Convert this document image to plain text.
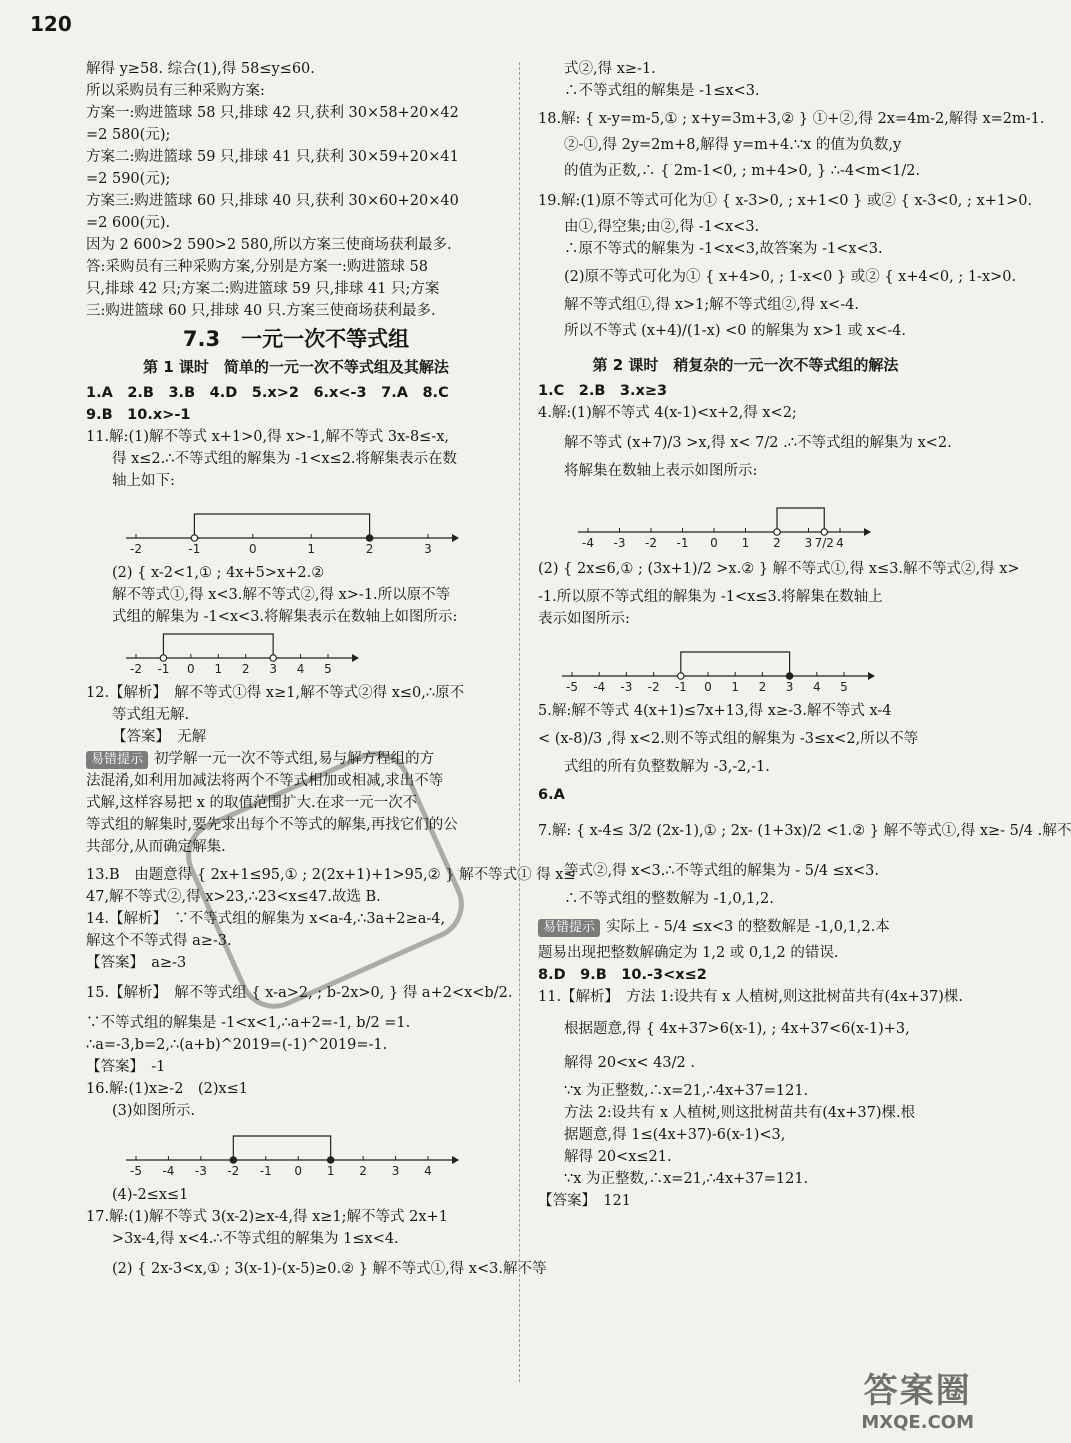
120
解得 y≥58. 综合(1),得 58≤y≤60.
所以采购员有三种采购方案:
方案一:购进篮球 58 只,排球 42 只,获利 30×58+20×42
=2 580(元);
方案二:购进篮球 59 只,排球 41 只,获利 30×59+20×41
=2 590(元);
方案三:购进篮球 60 只,排球 40 只,获利 30×60+20×40
=2 600(元).
因为 2 600>2 590>2 580,所以方案三使商场获利最多.
答:采购员有三种采购方案,分别是方案一:购进篮球 58
只,排球 42 只;方案二:购进篮球 59 只,排球 41 只;方案
三:购进篮球 60 只,排球 40 只.方案三使商场获利最多.
7.3　一元一次不等式组
第 1 课时　简单的一元一次不等式组及其解法
1.A　2.B　3.B　4.D　5.x>2　6.x<-3　7.A　8.C
9.B　10.x>-1
11.解:(1)解不等式 x+1>0,得 x>-1,解不等式 3x-8≤-x,
得 x≤2.∴不等式组的解集为 -1<x≤2.将解集表示在数
轴上如下:
-2	-1	0	1	2	3
(2) { x-2<1,① ; 4x+5>x+2.②
解不等式①,得 x<3.解不等式②,得 x>-1.所以原不等
式组的解集为 -1<x<3.将解集表示在数轴上如图所示:
-2 -1 0 1 2 3 4 5
12.【解析】　解不等式①得 x≥1,解不等式②得 x≤0,∴原不
等式组无解.
【答案】　无解
易错提示 初学解一元一次不等式组,易与解方程组的方
法混淆,如利用加减法将两个不等式相加或相减,求出不等
式解,这样容易把 x 的取值范围扩大.在求一元一次不
等式组的解集时,要先求出每个不等式的解集,再找它们的公
共部分,从而确定解集.
13.B　由题意得 { 2x+1≤95,① ; 2(2x+1)+1>95,② } 解不等式① 得 x≤
47,解不等式②,得 x>23,∴23<x≤47.故选 B.
14.【解析】　∵不等式组的解集为 x<a-4,∴3a+2≥a-4,
解这个不等式得 a≥-3.
【答案】　a≥-3
15.【解析】　解不等式组 { x-a>2, ; b-2x>0, } 得 a+2<x<b/2.
∵不等式组的解集是 -1<x<1,∴a+2=-1, b/2 =1.
∴a=-3,b=2,∴(a+b)^2019=(-1)^2019=-1.
【答案】　-1
16.解:(1)x≥-2　(2)x≤1
(3)如图所示.
-5 -4 -3 -2 -1 0 1 2 3 4
(4)-2≤x≤1
17.解:(1)解不等式 3(x-2)≥x-4,得 x≥1;解不等式 2x+1
>3x-4,得 x<4.∴不等式组的解集为 1≤x<4.
(2) { 2x-3<x,① ; 3(x-1)-(x-5)≥0.② } 解不等式①,得 x<3.解不等
式②,得 x≥-1.
∴不等式组的解集是 -1≤x<3.
18.解: { x-y=m-5,① ; x+y=3m+3,② } ①+②,得 2x=4m-2,解得 x=2m-1.
②-①,得 2y=2m+8,解得 y=m+4.∵x 的值为负数,y
的值为正数,∴ { 2m-1<0, ; m+4>0, } ∴-4<m<1/2.
19.解:(1)原不等式可化为① { x-3>0, ; x+1<0 } 或② { x-3<0, ; x+1>0.
由①,得空集;由②,得 -1<x<3.
∴原不等式的解集为 -1<x<3,故答案为 -1<x<3.
(2)原不等式可化为① { x+4>0, ; 1-x<0 } 或② { x+4<0, ; 1-x>0.
解不等式组①,得 x>1;解不等式组②,得 x<-4.
所以不等式 (x+4)/(1-x) <0 的解集为 x>1 或 x<-4.
第 2 课时　稍复杂的一元一次不等式组的解法
1.C　2.B　3.x≥3
4.解:(1)解不等式 4(x-1)<x+2,得 x<2;
解不等式 (x+7)/3 >x,得 x< 7/2 .∴不等式组的解集为 x<2.
将解集在数轴上表示如图所示:
-4 -3 -2 -1 0 1 2 3 7/2 4
(2) { 2x≤6,① ; (3x+1)/2 >x.② } 解不等式①,得 x≤3.解不等式②,得 x>
-1.所以原不等式组的解集为 -1<x≤3.将解集在数轴上
表示如图所示:
-5 -4 -3 -2 -1 0 1 2 3 4 5
5.解:解不等式 4(x+1)≤7x+13,得 x≥-3.解不等式 x-4
< (x-8)/3 ,得 x<2.则不等式组的解集为 -3≤x<2,所以不等
式组的所有负整数解为 -3,-2,-1.
6.A
7.解: { x-4≤ 3/2 (2x-1),① ; 2x- (1+3x)/2 <1.② } 解不等式①,得 x≥- 5/4 .解不
等式②,得 x<3.∴不等式组的解集为 - 5/4 ≤x<3.
∴不等式组的整数解为 -1,0,1,2.
易错提示 实际上 - 5/4 ≤x<3 的整数解是 -1,0,1,2.本
题易出现把整数解确定为 1,2 或 0,1,2 的错误.
8.D　9.B　10.-3<x≤2
11.【解析】　方法 1:设共有 x 人植树,则这批树苗共有(4x+37)棵.
根据题意,得 { 4x+37>6(x-1), ; 4x+37<6(x-1)+3,
解得 20<x< 43/2 .
∵x 为正整数,∴x=21,∴4x+37=121.
方法 2:设共有 x 人植树,则这批树苗共有(4x+37)棵.根
据题意,得 1≤(4x+37)-6(x-1)<3,
解得 20<x≤21.
∵x 为正整数,∴x=21,∴4x+37=121.
【答案】　121
答案圈
MXQE.COM
